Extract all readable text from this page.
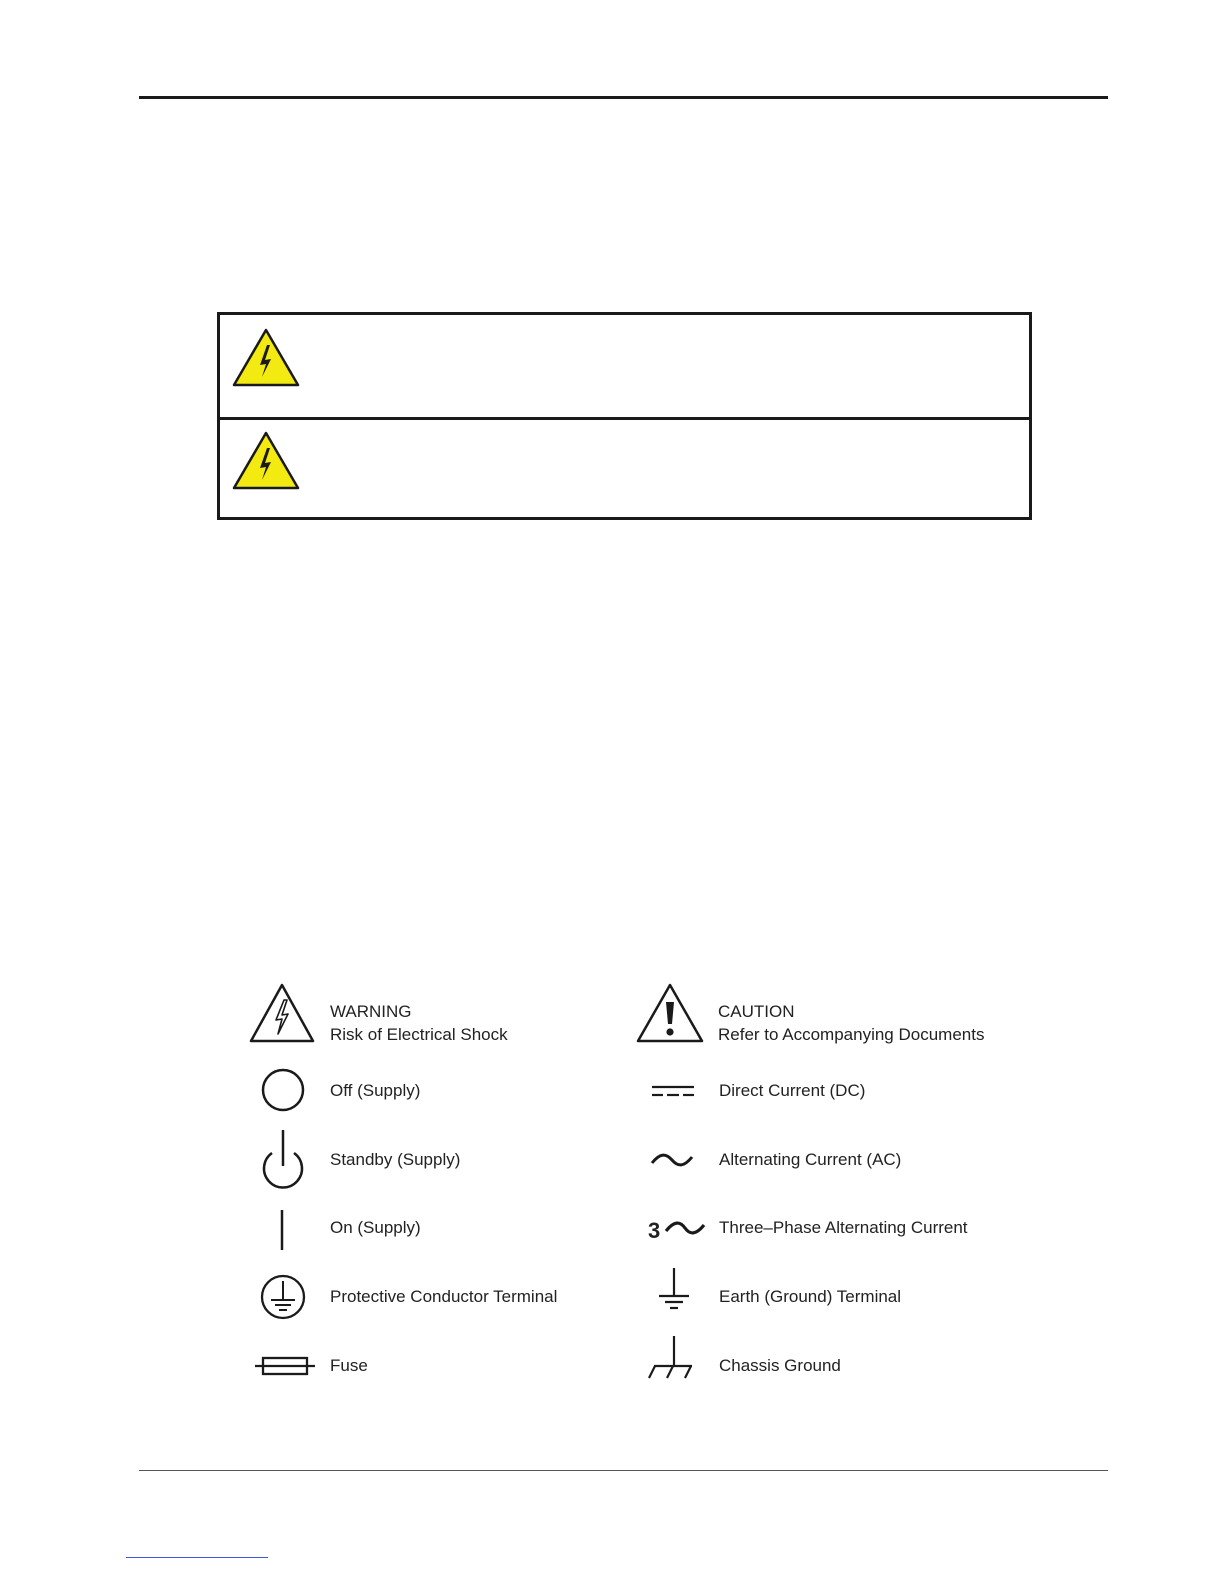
WARNING
Risk of Electrical Shock
Off (Supply)
Standby (Supply)
On (Supply)
Protective Conductor Terminal
Fuse
CAUTION
Refer to Accompanying Documents
Direct Current (DC)
Alternating Current (AC)
3	Three–Phase Alternating Current
Earth (Ground) Terminal
Chassis Ground
